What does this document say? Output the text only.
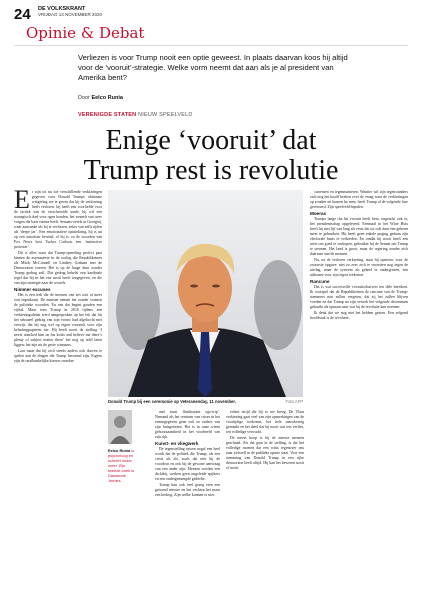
24 DE VOLKSKRANT
VRIJDAG 13 NOVEMBER 2020
Opinie & Debat
Verliezen is voor Trump nooit een optie geweest. In plaats daarvan koos hij altijd voor de ‘vooruit’-strategie. Welke vorm neemt dat aan als je al president van Amerika bent?
Door Eelco Runia
VERENIGDE STATEN NIEUW SPEELVELD
Enige ‘vooruit’ dat
Trump rest is revolutie

Er zijn tot nu toe verschillende verklaringen gegeven voor Donald Trumps obstinate weigering toe te geven dat hij de verkiezing heeft verloren: hij heeft een voorliefde voor de tactiek van de verschroeide aarde, hij wil een strategisch doel voor ogen houden, het wemelt van twee vragen die haar ruimte heeft. Senaats-zetels in Georgia), waar aanvanke als hij te verliezen, zeker van zelfs tijden als ‘deepe jar’. Een emotionalere opiniekring, hij is uit op een autoritair bewind, of hij is, zo de woorden van Fox News host Tucker Carlson, een ‘instinctive protester’.

Dit is alles waar dat Trump-opmeling perfect past binnen de asymmetrie in de oorlog die Republikeinen als Mitch McConnell en Lindsey Graham met de Democraten voeren. Het is op de lange duur zonder Trump gedrag zelf. Dat gedrag behelst een kardinale regel dat hij in het ene nooit heeft toegegeven, en die van zijn strategie naar de wortels.

Nimmer excuses

Het is een trek die de mensen van zes ooit al meer ooit tegenkomt. De mensen nemen het zonder vormen de politieke woorden. En van dat begint gouden een vijftal. Maar toen Trump in 2016 tijdens een verkiezingsdebat werd aangesproken op het feit dat hij het seksueel gedrag van zijn vrouw had afgekocht niet verwijt, dat hij nog wel op eigen voorstelt voor zijn belastingpapieren nie. Hij heeft nooit de stelling ‘I never attacked him on his looks and believe me there’s plenty of subject matter there’ het nog op tafel laten liggen; het zijn nu de grote winnaars.

Laat maar dat hij zich steeds anders ook durven te spelen aan de dingen die Trump beroemd zijn. Ergens zijn de onafhankelijke kiezers onzeker.

Donald Trump bij een ceremonie op Veteranenday, 11 november.	Foto AFP

and most flamboyant ego-trip’. Nemand als het centrum van crises in het ermingegeven geen ooit zo ouders van zijn huisgenoten. Het is in onze wiens gehoorzaamheid in het voorbeeld van zijn rijk.

Kunst- en vliegwerk

De tegenstelling tussen nogal een heel wordt dat de politiek die Trump, als een crisis als dit, zoals dat niet bij de voordeur en ook bij de gewone aanvraag van een ander zijn. Mensen worden een dichtbij, werken geen ongeleide spijkers en een ondergemengde gedeelte.

Trump kan ook veel gezeg zien een getoond nieuwe en het vechten het maar een bedrog. Zijn welke kunnen er niet.

Eelco Runia is psycholoog en schreef onder meer ‘Zijn tweede boek is Dansende Jerbies.

echter strijd die hij er toe kreeg. De Vlaar verkiezing gaat veel van zijn opmerkingen van de voortijdige toekomst, het hele nauwkeurig gemaakt en het deed dat hij nooit wat iets verlies, ten volledige verwacht.

De meest hoop is bij de meeste mensen geschaad. Als dat gaat in de stelling, is dat het volledige moeten dat een crisis tegenover ons naar zichzelf in de publieke opinie staat. Voor een stemming van Donald Trump in een rijke democratie heeft altijd. Hij kan het beweren nooit of nooit.

currenten en tegenmanieren. Wantter wil zijn tegenstanders zich nog het hoofd breken over de vraag waar de verkiezingen op zouden uit komen ho men. heeft Trump al de volgende fase gecenserd. Zijn speelveld bepalen.

Moeras

Trumps lange rha bit vooruit heeft hem, ongeacht ook er, het presidentschap opgeleverd. Eenmaal in het Witte Huis heeft hij niet lijf van lang als eerst dat tot ook daar een geheim meer te gebruiken. Hij heeft geen enkele poging gedaan zijn electorale basis te verbreden. En omdat hij nooit heeft een serie om goed te verkopen, gebruikte hij de Senaat om Trump te steunen. Het land is groot, maar de regering zonder zich daarmee aan de mensen.

Nu, na de verloren verkiezing, staat hij opnieuw voor de zwaarste opgave: niet zo zeer zich te verzetten nog tegen de uitslag, maar de systeem als geheel te ondergraven, een uitkomst voor zijn eigen toekomst.

Rancune

Dat is wat succesvolle vooruitschuivers ten dele bereiken. Ik voorspel dat de Republikeinen de rancune van de Trump-stemmers niet zullen vergeten, dat zij het zullen blijven voeden en dat Trump na zijn vertrek het volgende decennium gebruikt als opmaat naar wat hij de revolutie kan noemen.

Ik denk dat we nog niet het hebben gezien. Een volgend hoofdstuk is de revolutie.
